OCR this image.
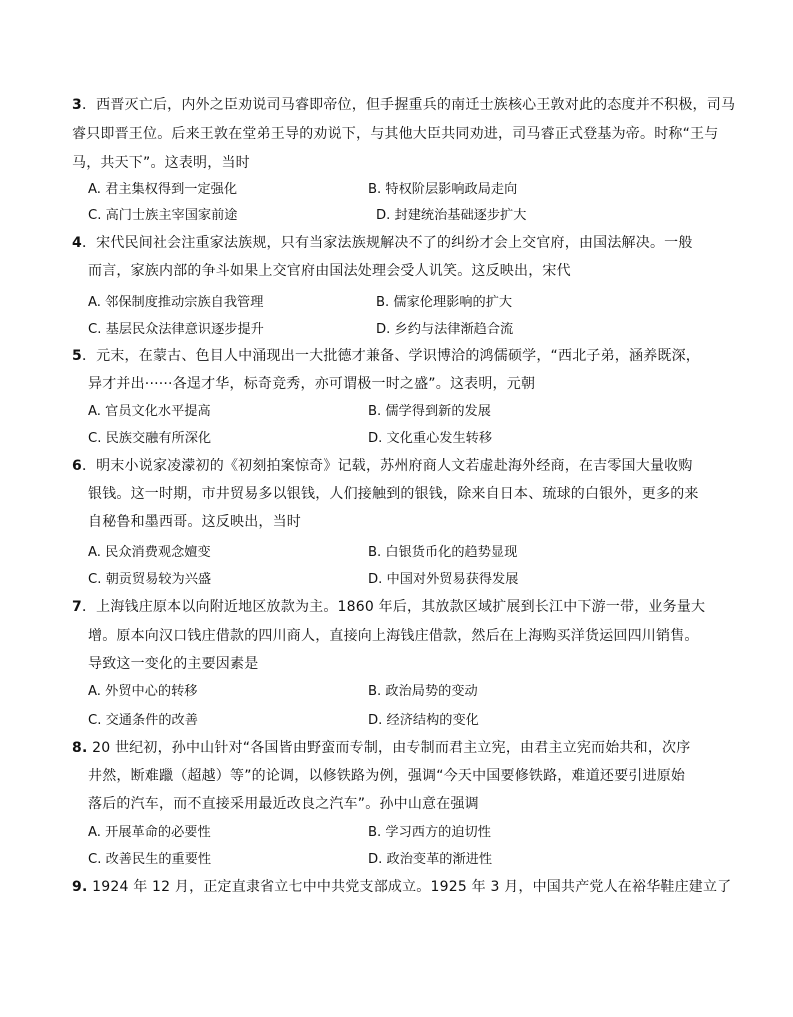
3．西晋灭亡后，内外之臣劝说司马睿即帝位，但手握重兵的南迁士族核心王敦对此的态度并不积极，司马
睿只即晋王位。后来王敦在堂弟王导的劝说下，与其他大臣共同劝进，司马睿正式登基为帝。时称“王与
马，共天下”。这表明，当时
A. 君主集权得到一定强化	B. 特权阶层影响政局走向
C. 高门士族主宰国家前途	D. 封建统治基础逐步扩大
4．宋代民间社会注重家法族规，只有当家法族规解决不了的纠纷才会上交官府，由国法解决。一般
而言，家族内部的争斗如果上交官府由国法处理会受人讥笑。这反映出，宋代
A. 邻保制度推动宗族自我管理	B. 儒家伦理影响的扩大
C. 基层民众法律意识逐步提升	D. 乡约与法律渐趋合流
5．元末，在蒙古、色目人中涌现出一大批德才兼备、学识博洽的鸿儒硕学，“西北子弟，涵养既深，
异才并出······各逞才华，标奇竞秀，亦可谓极一时之盛”。这表明，元朝
A. 官员文化水平提高	B. 儒学得到新的发展
C. 民族交融有所深化	D. 文化重心发生转移
6．明末小说家凌濛初的《初刻拍案惊奇》记载，苏州府商人文若虚赴海外经商，在吉零国大量收购
银钱。这一时期，市井贸易多以银钱，人们接触到的银钱，除来自日本、琉球的白银外，更多的来
自秘鲁和墨西哥。这反映出，当时
A. 民众消费观念嬗变	B. 白银货币化的趋势显现
C. 朝贡贸易较为兴盛	D. 中国对外贸易获得发展
7．上海钱庄原本以向附近地区放款为主。1860 年后，其放款区域扩展到长江中下游一带，业务量大
增。原本向汉口钱庄借款的四川商人，直接向上海钱庄借款，然后在上海购买洋货运回四川销售。
导致这一变化的主要因素是
A. 外贸中心的转移	B. 政治局势的变动
C. 交通条件的改善	D. 经济结构的变化
8. 20 世纪初，孙中山针对“各国皆由野蛮而专制，由专制而君主立宪，由君主立宪而始共和，次序
井然，断难躐（超越）等”的论调，以修铁路为例，强调“今天中国要修铁路，难道还要引进原始
落后的汽车，而不直接采用最近改良之汽车”。孙中山意在强调
A. 开展革命的必要性	B. 学习西方的迫切性
C. 改善民生的重要性	D. 政治变革的渐进性
9. 1924 年 12 月，正定直隶省立七中中共党支部成立。1925 年 3 月，中国共产党人在裕华鞋庄建立了
